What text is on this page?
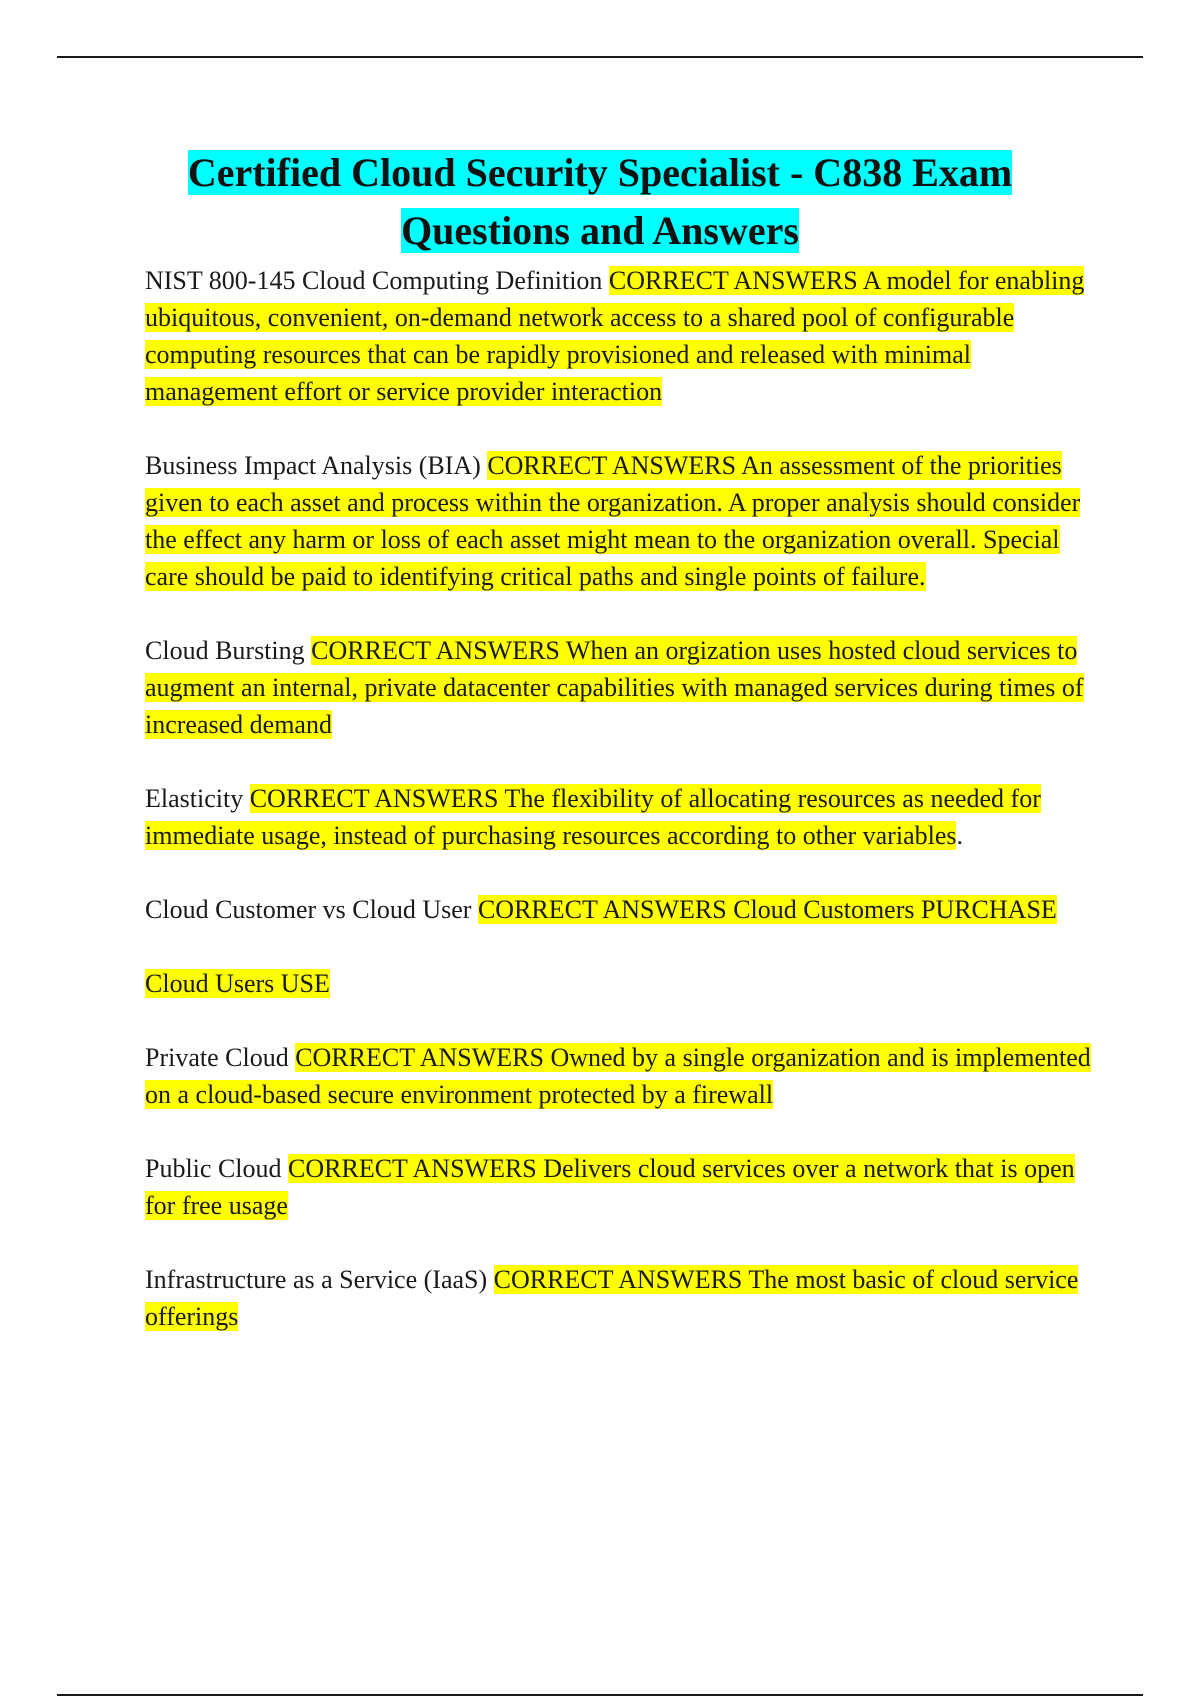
Certified Cloud Security Specialist - C838 Exam
Questions and Answers

NIST 800-145 Cloud Computing Definition CORRECT ANSWERS A model for enabling ubiquitous, convenient, on-demand network access to a shared pool of configurable computing resources that can be rapidly provisioned and released with minimal management effort or service provider interaction

Business Impact Analysis (BIA) CORRECT ANSWERS An assessment of the priorities given to each asset and process within the organization. A proper analysis should consider the effect any harm or loss of each asset might mean to the organization overall. Special care should be paid to identifying critical paths and single points of failure.

Cloud Bursting CORRECT ANSWERS When an orgization uses hosted cloud services to augment an internal, private datacenter capabilities with managed services during times of increased demand

Elasticity CORRECT ANSWERS The flexibility of allocating resources as needed for immediate usage, instead of purchasing resources according to other variables.

Cloud Customer vs Cloud User CORRECT ANSWERS Cloud Customers PURCHASE

Cloud Users USE

Private Cloud CORRECT ANSWERS Owned by a single organization and is implemented on a cloud-based secure environment protected by a firewall

Public Cloud CORRECT ANSWERS Delivers cloud services over a network that is open for free usage

Infrastructure as a Service (IaaS) CORRECT ANSWERS The most basic of cloud service offerings
